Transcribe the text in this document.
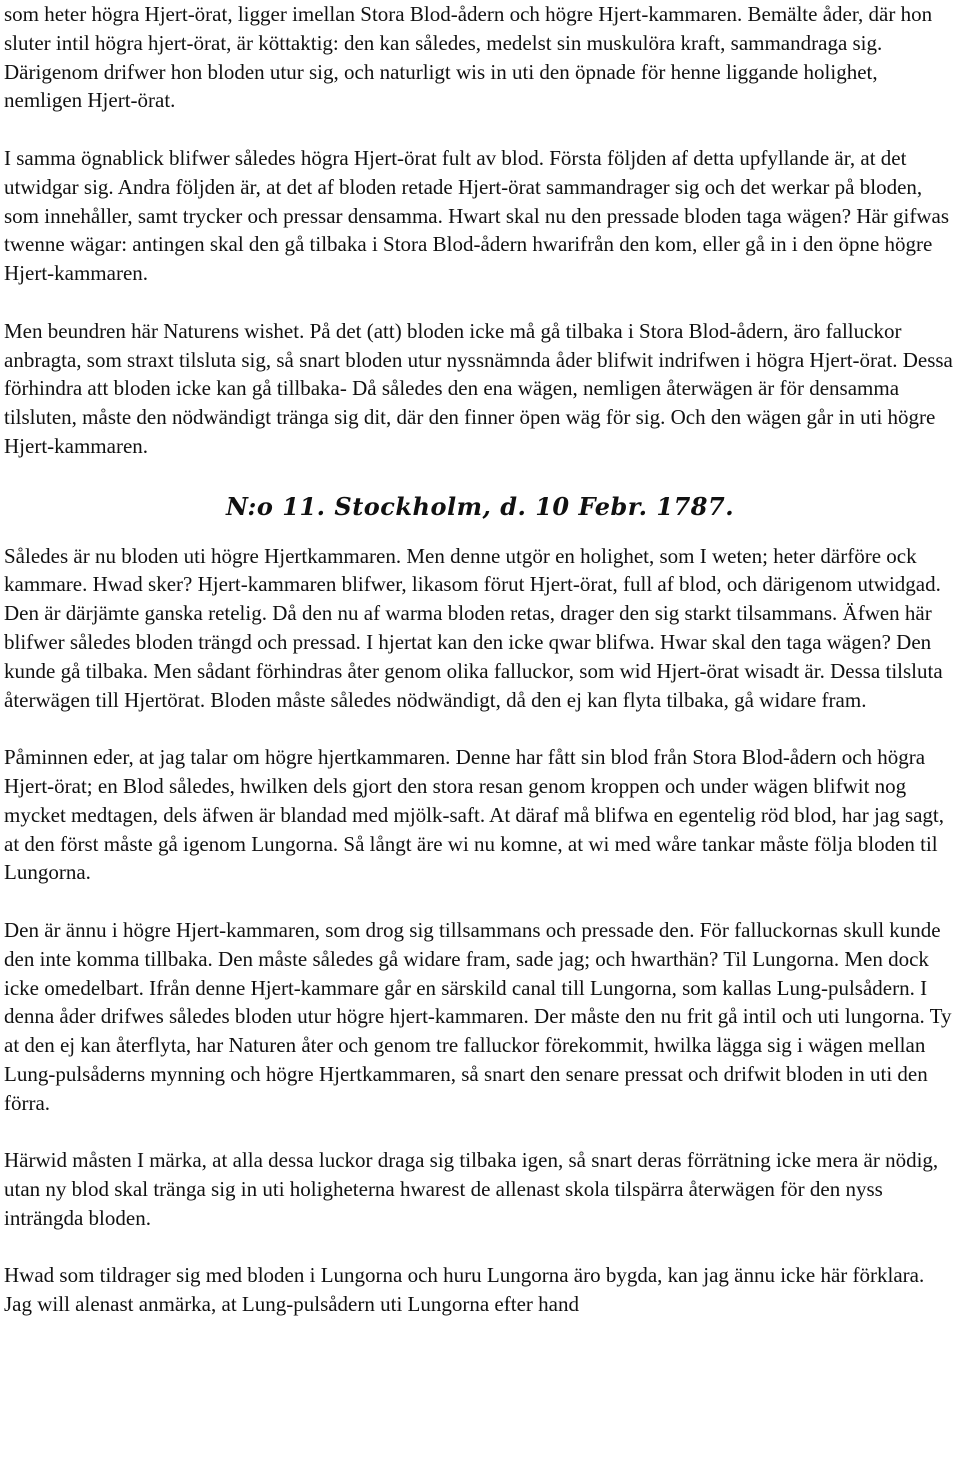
som heter högra Hjert-örat, ligger imellan Stora Blod-ådern och högre Hjert-kammaren. Bemälte åder, där hon sluter intil högra hjert-örat, är köttaktig: den kan således, medelst sin muskulöra kraft, sammandraga sig. Därigenom drifwer hon bloden utur sig, och naturligt wis in uti den öpnade för henne liggande holighet, nemligen Hjert-örat.

I samma ögnablick blifwer således högra Hjert-örat fult av blod. Första följden af detta upfyllande är, at det utwidgar sig. Andra följden är, at det af bloden retade Hjert-örat sammandrager sig och det werkar på bloden, som innehåller, samt trycker och pressar densamma. Hwart skal nu den pressade bloden taga wägen? Här gifwas twenne wägar: antingen skal den gå tilbaka i Stora Blod-ådern hwarifrån den kom, eller gå in i den öpne högre Hjert-kammaren.

Men beundren här Naturens wishet. På det (att) bloden icke må gå tilbaka i Stora Blod-ådern, äro falluckor anbragta, som straxt tilsluta sig, så snart bloden utur nyssnämnda åder blifwit indrifwen i högra Hjert-örat. Dessa förhindra att bloden icke kan gå tillbaka- Då således den ena wägen, nemligen återwägen är för densamma tilsluten, måste den nödwändigt tränga sig dit, där den finner öpen wäg för sig. Och den wägen går in uti högre Hjert-kammaren.

N:o 11. Stockholm, d. 10 Febr. 1787.

Således är nu bloden uti högre Hjertkammaren. Men denne utgör en holighet, som I weten; heter därföre ock kammare. Hwad sker? Hjert-kammaren blifwer, likasom förut Hjert-örat, full af blod, och därigenom utwidgad. Den är därjämte ganska retelig. Då den nu af warma bloden retas, drager den sig starkt tilsammans. Äfwen här blifwer således bloden trängd och pressad. I hjertat kan den icke qwar blifwa. Hwar skal den taga wägen? Den kunde gå tilbaka. Men sådant förhindras åter genom olika falluckor, som wid Hjert-örat wisadt är. Dessa tilsluta återwägen till Hjertörat. Bloden måste således nödwändigt, då den ej kan flyta tilbaka, gå widare fram.

Påminnen eder, at jag talar om högre hjertkammaren. Denne har fått sin blod från Stora Blod-ådern och högra Hjert-örat; en Blod således, hwilken dels gjort den stora resan genom kroppen och under wägen blifwit nog mycket medtagen, dels äfwen är blandad med mjölk-saft. At däraf må blifwa en egentelig röd blod, har jag sagt, at den först måste gå igenom Lungorna. Så långt äre wi nu komne, at wi med wåre tankar måste följa bloden til Lungorna.

Den är ännu i högre Hjert-kammaren, som drog sig tillsammans och pressade den. För falluckornas skull kunde den inte komma tillbaka. Den måste således gå widare fram, sade jag; och hwarthän? Til Lungorna. Men dock icke omedelbart. Ifrån denne Hjert-kammare går en särskild canal till Lungorna, som kallas Lung-pulsådern. I denna åder drifwes således bloden utur högre hjert-kammaren. Der måste den nu frit gå intil och uti lungorna. Ty at den ej kan återflyta, har Naturen åter och genom tre falluckor förekommit, hwilka lägga sig i wägen mellan Lung-pulsåderns mynning och högre Hjertkammaren, så snart den senare pressat och drifwit bloden in uti den förra.

Härwid måsten I märka, at alla dessa luckor draga sig tilbaka igen, så snart deras förrätning icke mera är nödig, utan ny blod skal tränga sig in uti holigheterna hwarest de allenast skola tilspärra återwägen för den nyss inträngda bloden.

Hwad som tildrager sig med bloden i Lungorna och huru Lungorna äro bygda, kan jag ännu icke här förklara. Jag will alenast anmärka, at Lung-pulsådern uti Lungorna efter hand
